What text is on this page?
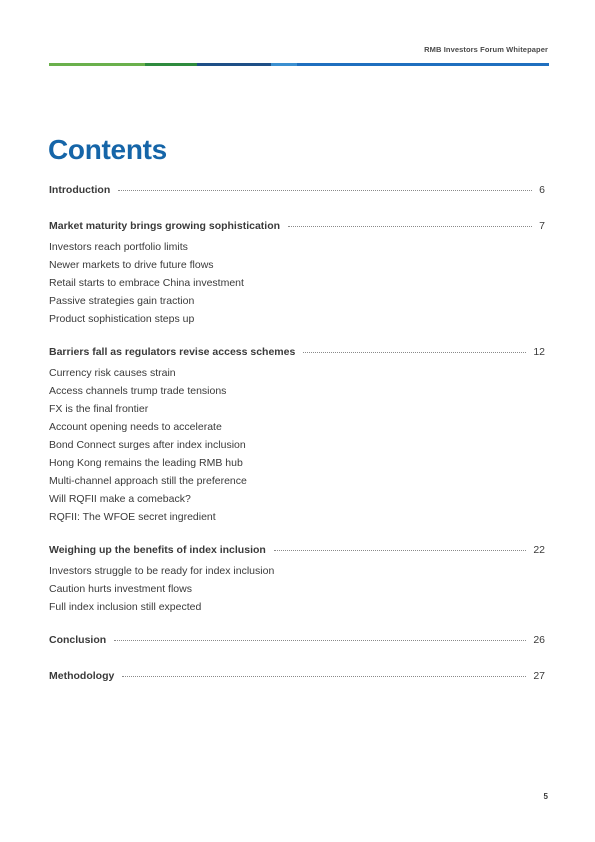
RMB Investors Forum Whitepaper
Contents
Introduction	6
Market maturity brings growing sophistication	7
Investors reach portfolio limits
Newer markets to drive future flows
Retail starts to embrace China investment
Passive strategies gain traction
Product sophistication steps up
Barriers fall as regulators revise access schemes	12
Currency risk causes strain
Access channels trump trade tensions
FX is the final frontier
Account opening needs to accelerate
Bond Connect surges after index inclusion
Hong Kong remains the leading RMB hub
Multi-channel approach still the preference
Will RQFII make a comeback?
RQFII: The WFOE secret ingredient
Weighing up the benefits of index inclusion	22
Investors struggle to be ready for index inclusion
Caution hurts investment flows
Full index inclusion still expected
Conclusion	26
Methodology	27
5
